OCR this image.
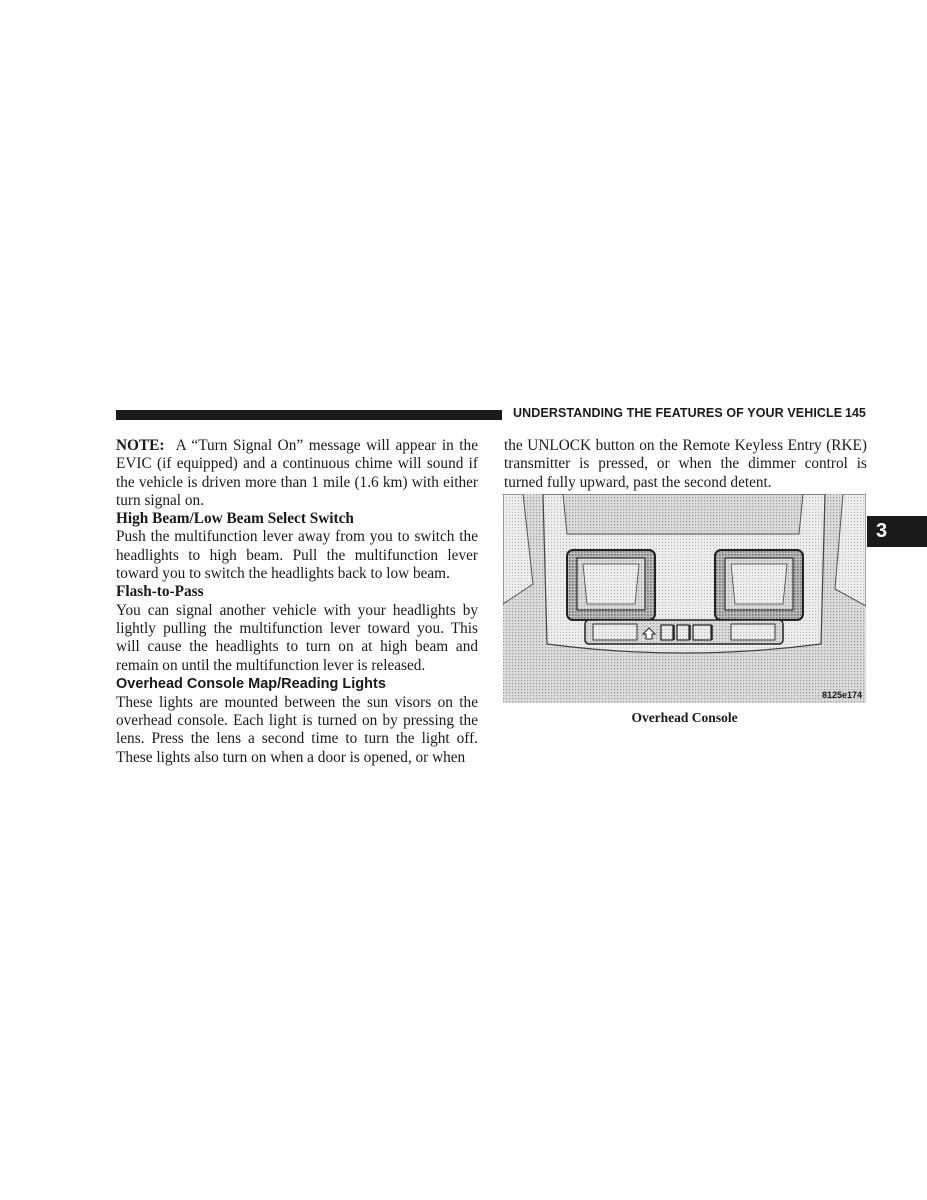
UNDERSTANDING THE FEATURES OF YOUR VEHICLE 145
3

NOTE: A “Turn Signal On” message will appear in the EVIC (if equipped) and a continuous chime will sound if the vehicle is driven more than 1 mile (1.6 km) with either turn signal on.

High Beam/Low Beam Select Switch

Push the multifunction lever away from you to switch the headlights to high beam. Pull the multifunction lever toward you to switch the headlights back to low beam.

Flash-to-Pass

You can signal another vehicle with your headlights by lightly pulling the multifunction lever toward you. This will cause the headlights to turn on at high beam and remain on until the multifunction lever is released.

Overhead Console Map/Reading Lights

These lights are mounted between the sun visors on the overhead console. Each light is turned on by pressing the lens. Press the lens a second time to turn the light off. These lights also turn on when a door is opened, or when

the UNLOCK button on the Remote Keyless Entry (RKE) transmitter is pressed, or when the dimmer control is turned fully upward, past the second detent.

8125e174
Overhead Console
